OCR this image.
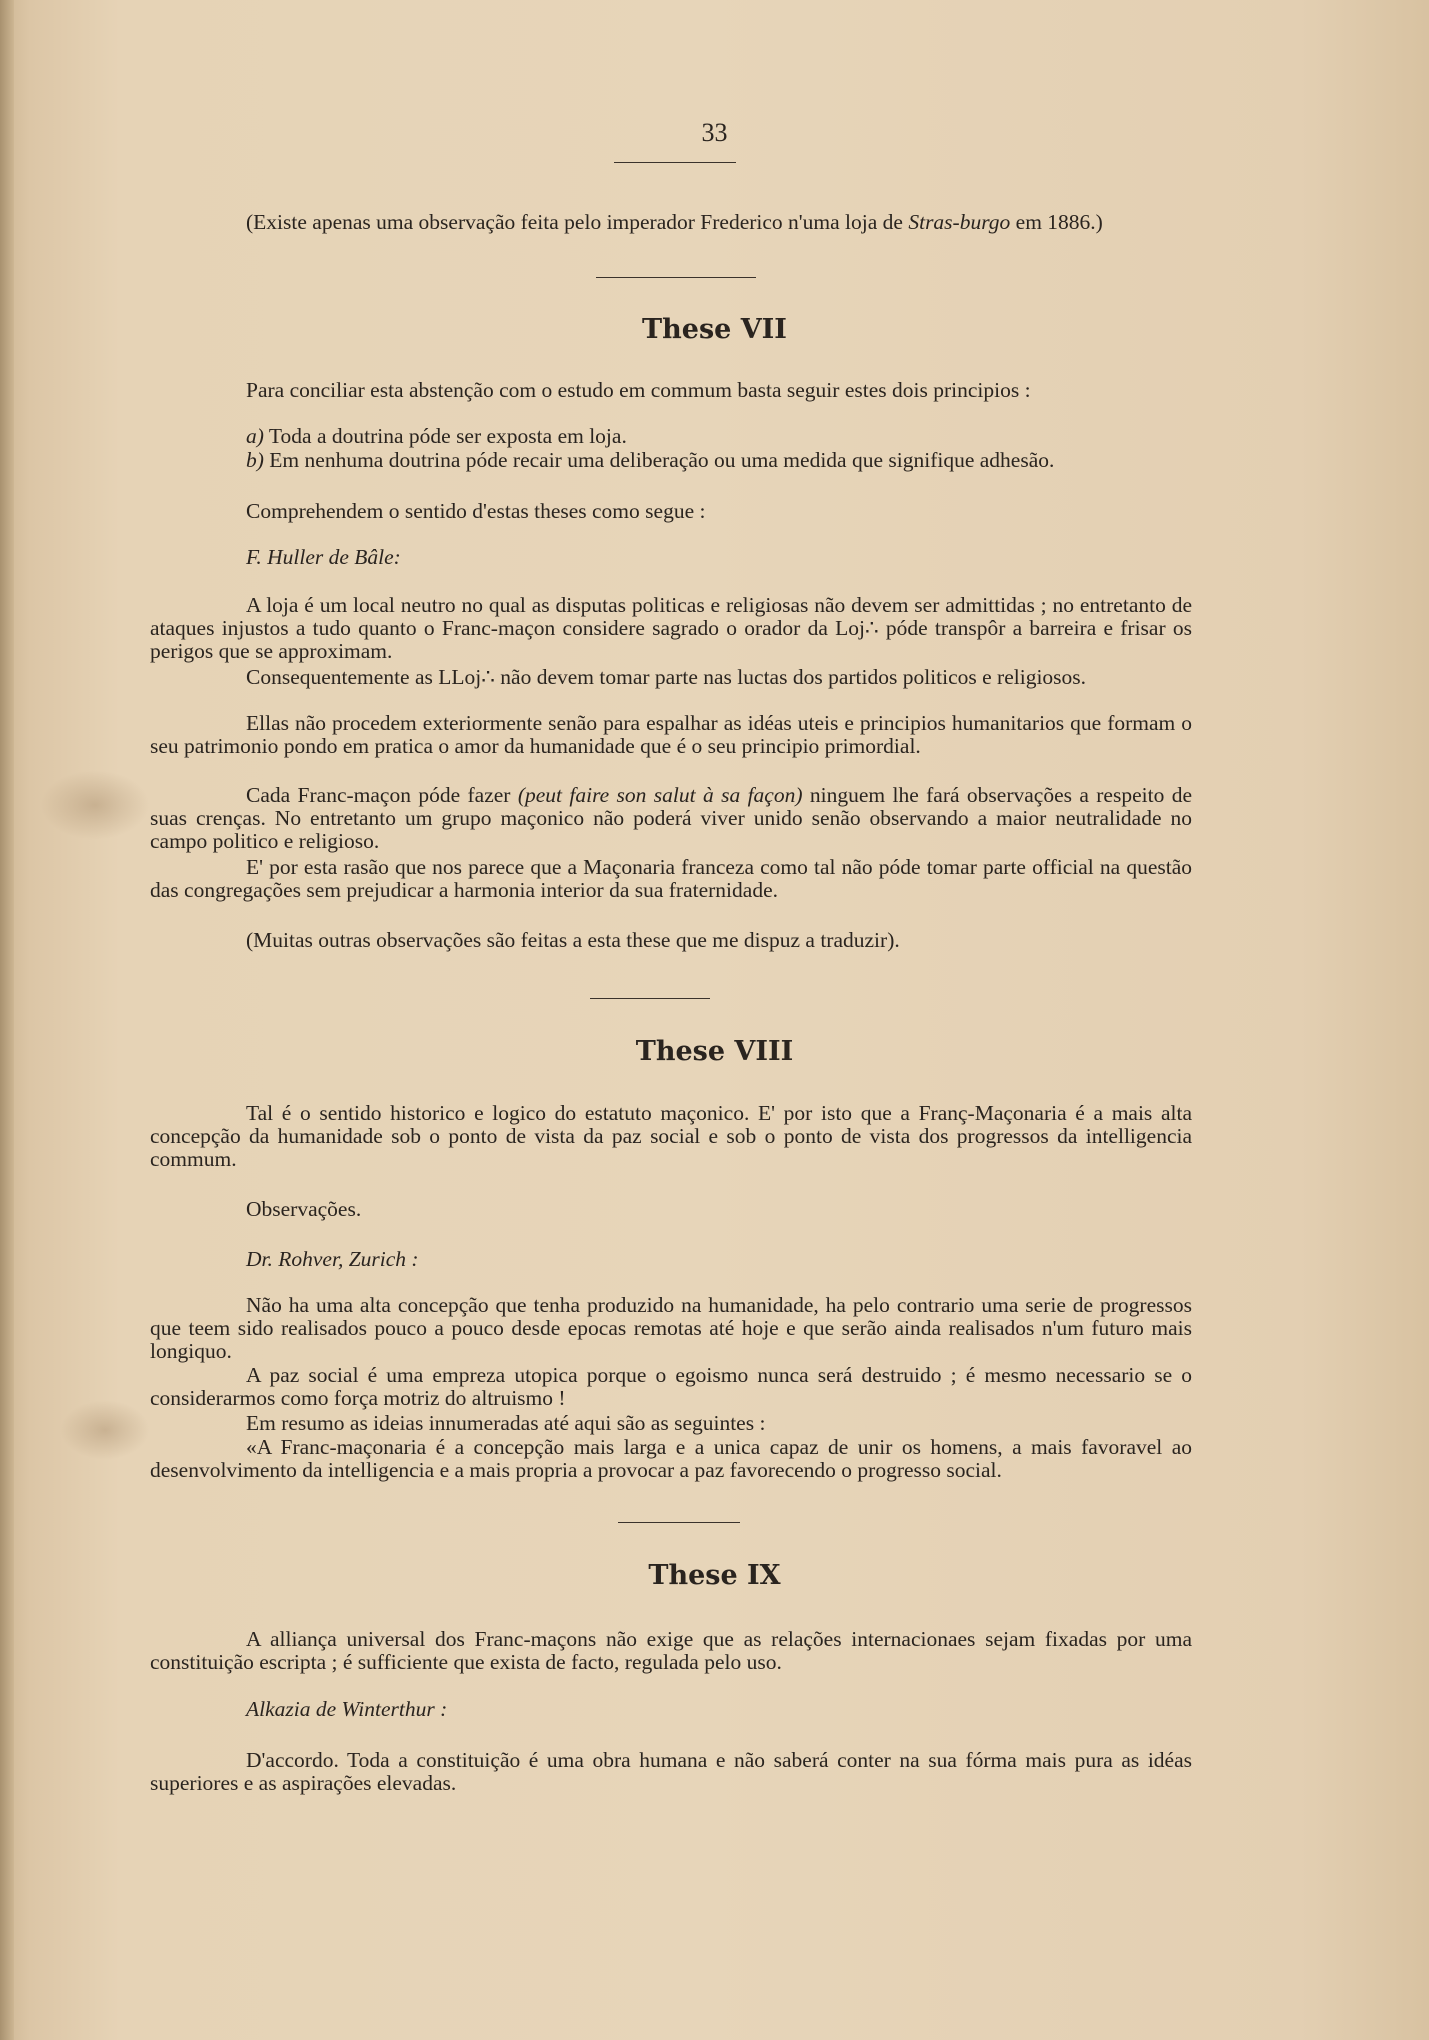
33

(Existe apenas uma observação feita pelo imperador Frederico n'uma loja de Stras-burgo em 1886.)

These VII

Para conciliar esta abstenção com o estudo em commum basta seguir estes dois principios :

a) Toda a doutrina póde ser exposta em loja.

b) Em nenhuma doutrina póde recair uma deliberação ou uma medida que signifique adhesão.

Comprehendem o sentido d'estas theses como segue :

F. Huller de Bâle:

A loja é um local neutro no qual as disputas politicas e religiosas não devem ser admittidas ; no entretanto de ataques injustos a tudo quanto o Franc-maçon considere sagrado o orador da Loj∴ póde transpôr a barreira e frisar os perigos que se approximam.

Consequentemente as LLoj∴ não devem tomar parte nas luctas dos partidos politicos e religiosos.

Ellas não procedem exteriormente senão para espalhar as idéas uteis e principios humanitarios que formam o seu patrimonio pondo em pratica o amor da humanidade que é o seu principio primordial.

Cada Franc-maçon póde fazer (peut faire son salut à sa façon) ninguem lhe fará observações a respeito de suas crenças. No entretanto um grupo maçonico não poderá viver unido senão observando a maior neutralidade no campo politico e religioso.

E' por esta rasão que nos parece que a Maçonaria franceza como tal não póde tomar parte official na questão das congregações sem prejudicar a harmonia interior da sua fraternidade.

(Muitas outras observações são feitas a esta these que me dispuz a traduzir).

These VIII

Tal é o sentido historico e logico do estatuto maçonico. E' por isto que a Franç-Maçonaria é a mais alta concepção da humanidade sob o ponto de vista da paz social e sob o ponto de vista dos progressos da intelligencia commum.

Observações.

Dr. Rohver, Zurich :

Não ha uma alta concepção que tenha produzido na humanidade, ha pelo contrario uma serie de progressos que teem sido realisados pouco a pouco desde epocas remotas até hoje e que serão ainda realisados n'um futuro mais longiquo.

A paz social é uma empreza utopica porque o egoismo nunca será destruido ; é mesmo necessario se o considerarmos como força motriz do altruismo !

Em resumo as ideias innumeradas até aqui são as seguintes :

«A Franc-maçonaria é a concepção mais larga e a unica capaz de unir os homens, a mais favoravel ao desenvolvimento da intelligencia e a mais propria a provocar a paz favorecendo o progresso social.

These IX

A alliança universal dos Franc-maçons não exige que as relações internacionaes sejam fixadas por uma constituição escripta ; é sufficiente que exista de facto, regulada pelo uso.

Alkazia de Winterthur :

D'accordo. Toda a constituição é uma obra humana e não saberá conter na sua fórma mais pura as idéas superiores e as aspirações elevadas.
